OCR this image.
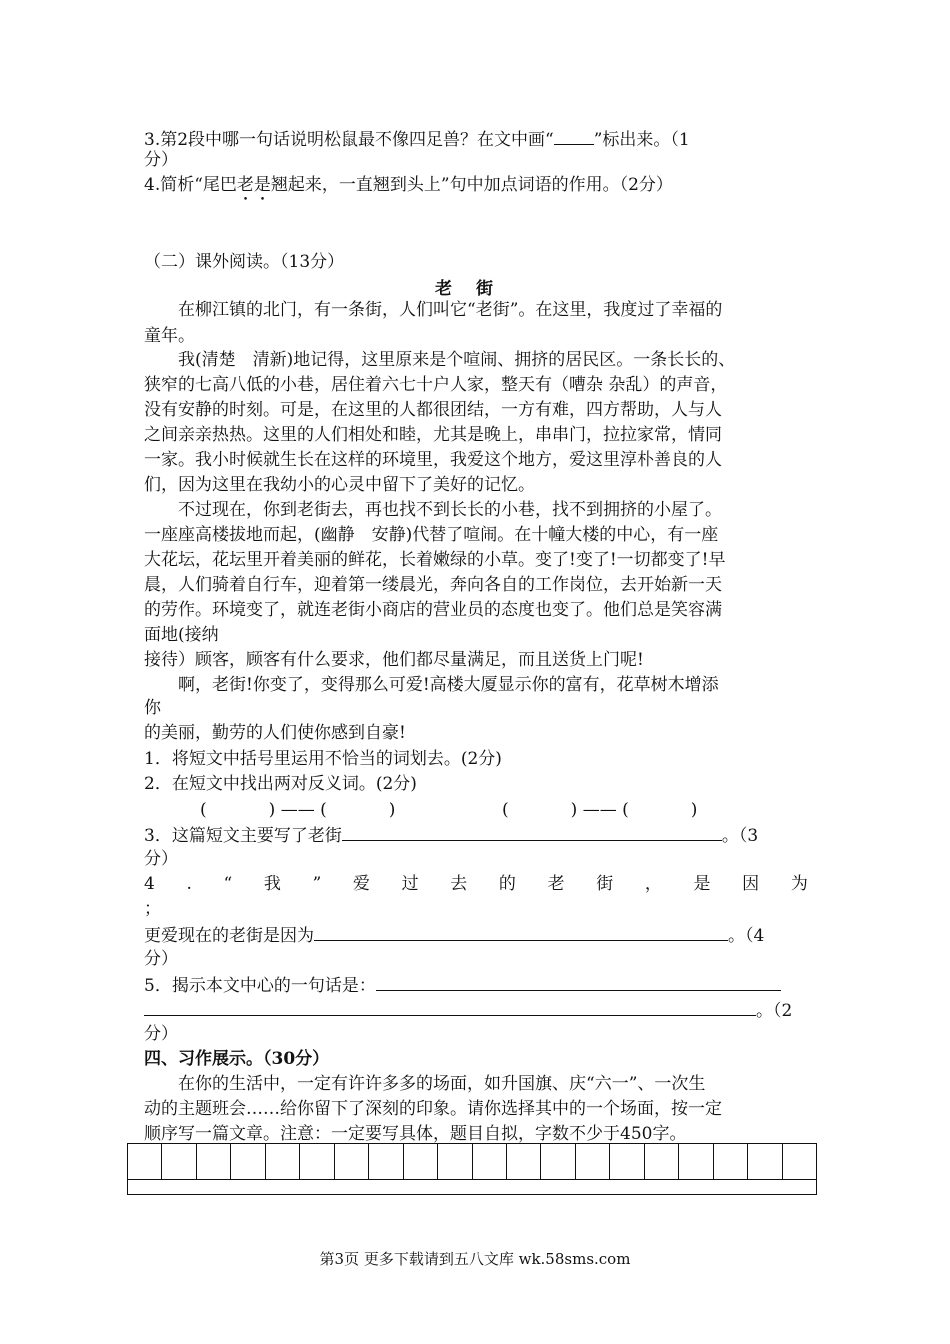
3.第2段中哪一句话说明松鼠最不像四足兽？在文中画“ ”标出来。（1
分）
4.简析“尾巴老是翘起来，一直翘到头上”句中加点词语的作用。（2分）
（二）课外阅读。（13分）
老街
在柳江镇的北门，有一条街，人们叫它“老街”。在这里，我度过了幸福的
童年。
我(清楚　清新)地记得，这里原来是个喧闹、拥挤的居民区。一条长长的、
狭窄的七高八低的小巷，居住着六七十户人家，整天有（嘈杂 杂乱）的声音，
没有安静的时刻。可是，在这里的人都很团结，一方有难，四方帮助，人与人
之间亲亲热热。这里的人们相处和睦，尤其是晚上，串串门，拉拉家常，情同
一家。我小时候就生长在这样的环境里，我爱这个地方，爱这里淳朴善良的人
们，因为这里在我幼小的心灵中留下了美好的记忆。
不过现在，你到老街去，再也找不到长长的小巷，找不到拥挤的小屋了。
一座座高楼拔地而起，(幽静　安静)代替了喧闹。在十幢大楼的中心，有一座
大花坛，花坛里开着美丽的鲜花，长着嫩绿的小草。变了!变了!一切都变了!早
晨，人们骑着自行车，迎着第一缕晨光，奔向各自的工作岗位，去开始新一天
的劳作。环境变了，就连老街小商店的营业员的态度也变了。他们总是笑容满
面地(接纳
接待）顾客，顾客有什么要求，他们都尽量满足，而且送货上门呢!
啊，老街!你变了，变得那么可爱!高楼大厦显示你的富有，花草树木增添
你
的美丽，勤劳的人们使你感到自豪!
1．将短文中括号里运用不恰当的词划去。(2分)
2．在短文中找出两对反义词。(2分)
(	) —— (	)	(	) —— (	)
3．这篇短文主要写了老街	。（3
分）
4 . “ 我 ” 爱 过 去 的 老 街 ， 是 因 为
；
更爱现在的老街是因为	。（4
分）
5．揭示本文中心的一句话是：
。（2
分）
四、习作展示。（30分）
在你的生活中，一定有许许多多的场面，如升国旗、庆“六一”、一次生
动的主题班会……给你留下了深刻的印象。请你选择其中的一个场面，按一定
顺序写一篇文章。注意：一定要写具体，题目自拟，字数不少于450字。
第3页 更多下载请到五八文库 wk.58sms.com
